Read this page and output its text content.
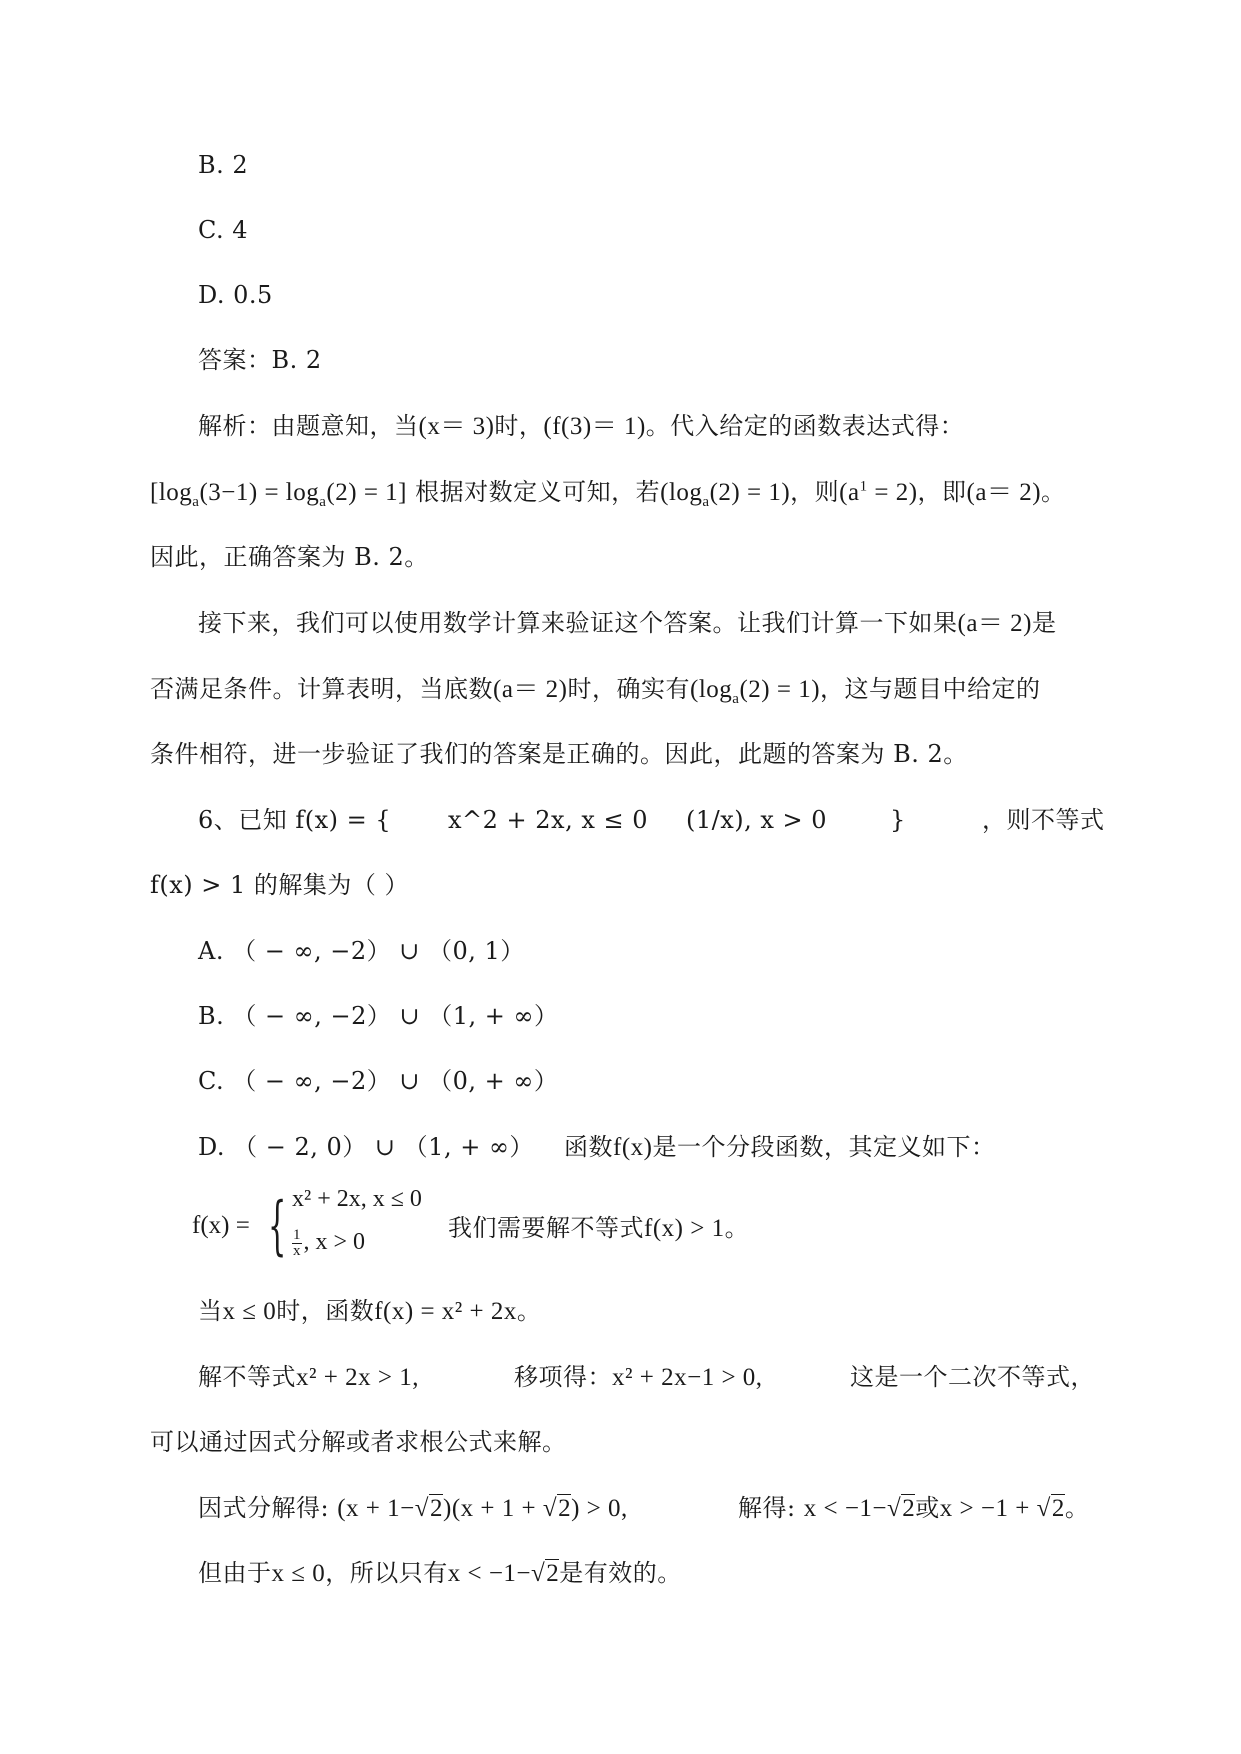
B. 2
C. 4
D. 0.5
答案：B. 2
解析：由题意知，当(x＝ 3)时，(f(3)＝ 1)。代入给定的函数表达式得：
$[\log_a(3-1) = \log_a(2) = 1]$ 根据对数定义可知，若$(\log_a(2) = 1)$，则$(a^1 = 2)$，即(a＝ 2)。
因此，正确答案为 B. 2。
接下来，我们可以使用数学计算来验证这个答案。让我们计算一下如果(a＝ 2)是
否满足条件。计算表明，当底数(a＝ 2)时，确实有$(\log_a(2) = 1)$，这与题目中给定的
条件相符，进一步验证了我们的答案是正确的。因此，此题的答案为 B. 2。
6、已知 f(x) = { x^2 + 2x, x ≤ 0 (1/x), x > 0	}	，则不等式
f(x) > 1 的解集为（ ）
A. （ − ∞, −2） ∪ （0, 1）
B. （ − ∞, −2） ∪ （1, + ∞）
C. （ − ∞, −2） ∪ （0, + ∞）
D. （ − 2, 0） ∪ （1, + ∞） 函数f(x)是一个分段函数，其定义如下：
f(x) = { x² + 2x, x ≤ 0
$\frac{1}{x}$ , x > 0
我们需要解不等式f(x) > 1。
当x ≤ 0时，函数f(x) = x² + 2x。
解不等式x² + 2x > 1,	移项得：x² + 2x−1 > 0,	这是一个二次不等式，
可以通过因式分解或者求根公式来解。
因式分解得: (x + 1−√2)(x + 1 + √2) > 0,	解得: x < −1−√2或x > −1 + √2。
但由于x ≤ 0，所以只有x < −1−√2是有效的。
